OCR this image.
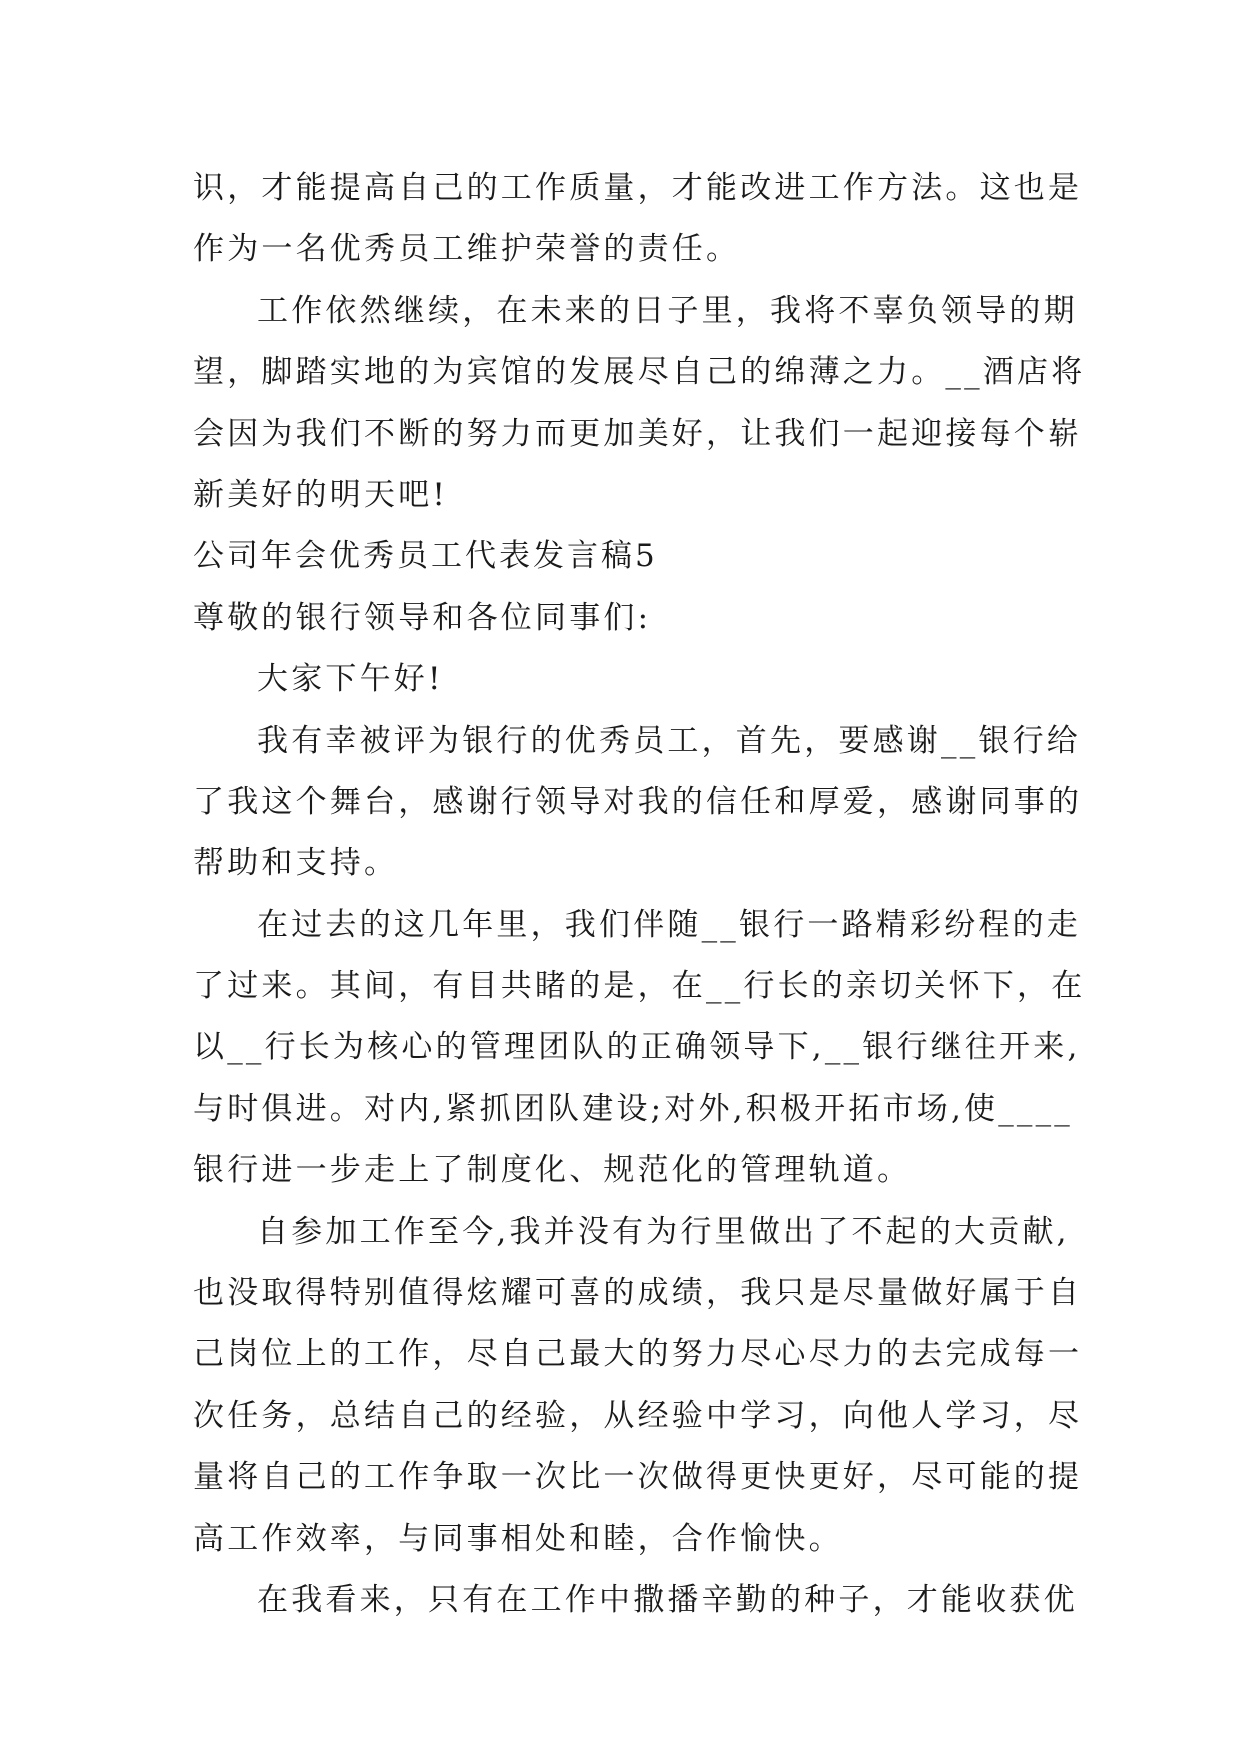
识，才能提高自己的工作质量，才能改进工作方法。这也是

作为一名优秀员工维护荣誉的责任。

工作依然继续，在未来的日子里，我将不辜负领导的期

望，脚踏实地的为宾馆的发展尽自己的绵薄之力。__酒店将

会因为我们不断的努力而更加美好，让我们一起迎接每个崭

新美好的明天吧!

公司年会优秀员工代表发言稿5

尊敬的银行领导和各位同事们:

大家下午好!

我有幸被评为银行的优秀员工，首先，要感谢__银行给

了我这个舞台，感谢行领导对我的信任和厚爱，感谢同事的

帮助和支持。

在过去的这几年里，我们伴随__银行一路精彩纷程的走

了过来。其间，有目共睹的是，在__行长的亲切关怀下，在

以__行长为核心的管理团队的正确领导下,__银行继往开来,

与时俱进。对内,紧抓团队建设;对外,积极开拓市场,使____

银行进一步走上了制度化、规范化的管理轨道。

自参加工作至今,我并没有为行里做出了不起的大贡献,

也没取得特别值得炫耀可喜的成绩，我只是尽量做好属于自

己岗位上的工作，尽自己最大的努力尽心尽力的去完成每一

次任务，总结自己的经验，从经验中学习，向他人学习，尽

量将自己的工作争取一次比一次做得更快更好，尽可能的提

高工作效率，与同事相处和睦，合作愉快。

在我看来，只有在工作中撒播辛勤的种子，才能收获优
